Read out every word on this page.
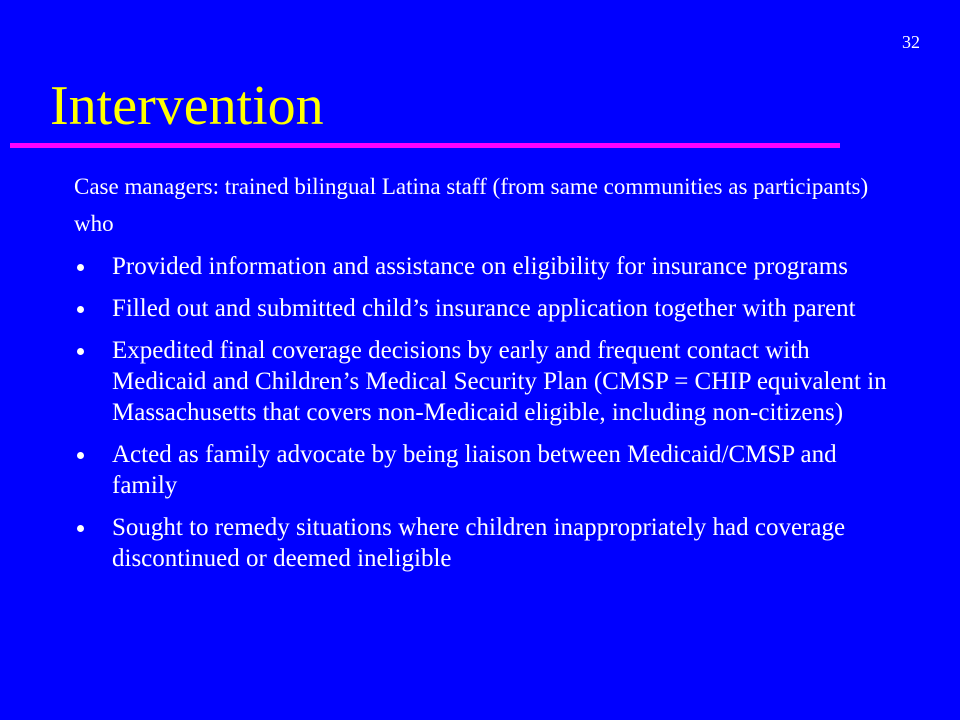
32
Intervention

Case managers: trained bilingual Latina staff (from same communities as participants) who

Provided information and assistance on eligibility for insurance programs
Filled out and submitted child’s insurance application together with parent
Expedited final coverage decisions by early and frequent contact with Medicaid and Children’s Medical Security Plan (CMSP = CHIP equivalent in Massachusetts that covers non-Medicaid eligible, including non-citizens)
Acted as family advocate by being liaison between Medicaid/CMSP and family
Sought to remedy situations where children inappropriately had coverage discontinued or deemed ineligible
